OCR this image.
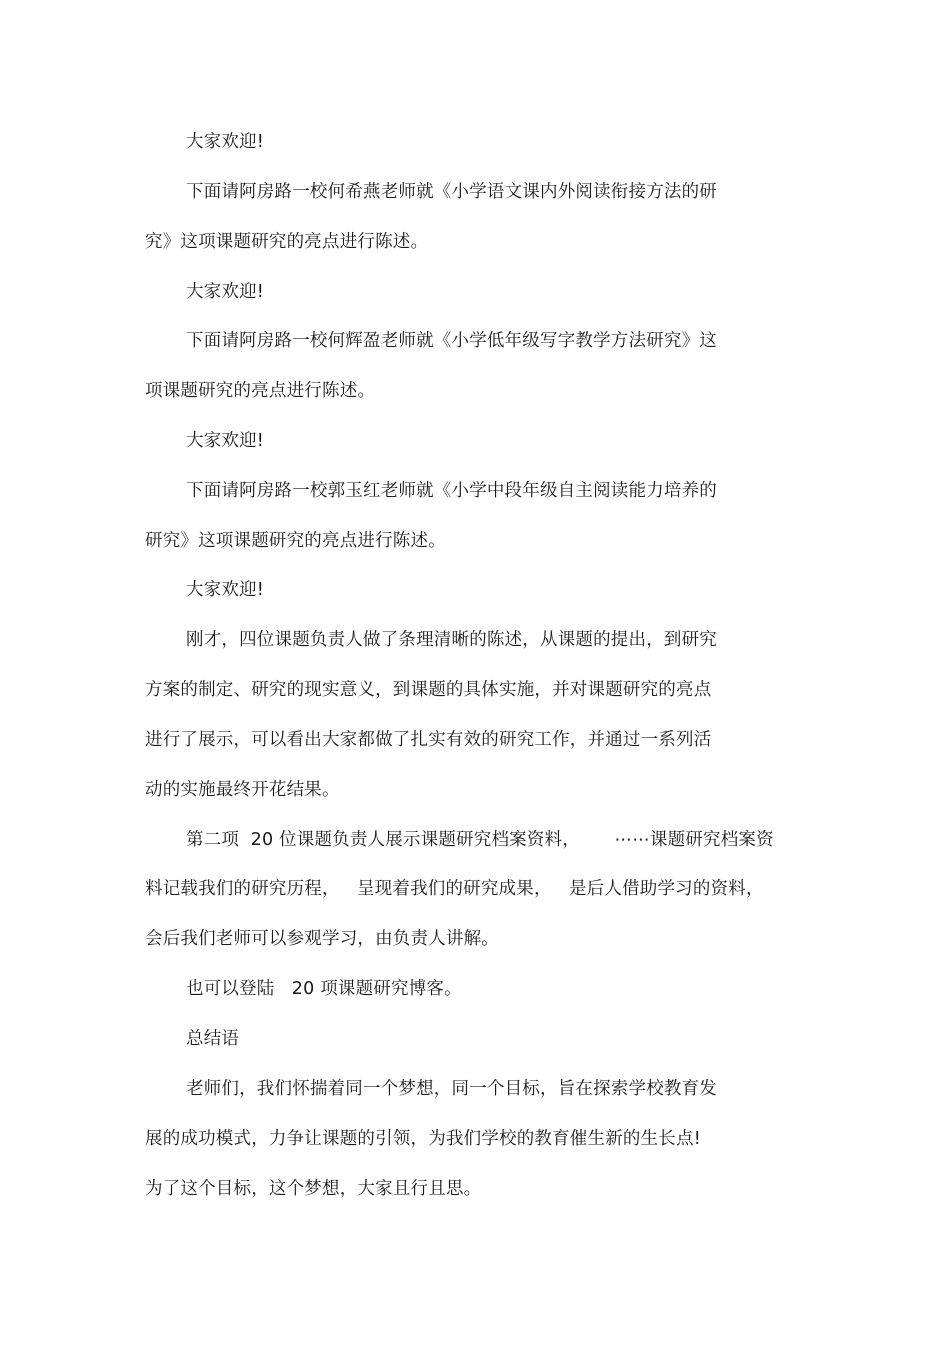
大家欢迎!
下面请阿房路一校何希燕老师就《小学语文课内外阅读衔接方法的研
究》这项课题研究的亮点进行陈述。
大家欢迎!
下面请阿房路一校何辉盈老师就《小学低年级写字教学方法研究》这
项课题研究的亮点进行陈述。
大家欢迎!
下面请阿房路一校郭玉红老师就《小学中段年级自主阅读能力培养的
研究》这项课题研究的亮点进行陈述。
大家欢迎!
刚才，四位课题负责人做了条理清晰的陈述，从课题的提出，到研究
方案的制定、研究的现实意义，到课题的具体实施，并对课题研究的亮点
进行了展示，可以看出大家都做了扎实有效的研究工作，并通过一系列活
动的实施最终开花结果。
第二项  20 位课题负责人展示课题研究档案资料，      ⋯⋯课题研究档案资
料记载我们的研究历程，   呈现着我们的研究成果，   是后人借助学习的资料，
会后我们老师可以参观学习，由负责人讲解。
也可以登陆   20 项课题研究博客。
总结语
老师们，我们怀揣着同一个梦想，同一个目标，旨在探索学校教育发
展的成功模式，力争让课题的引领，为我们学校的教育催生新的生长点!
为了这个目标，这个梦想，大家且行且思。
